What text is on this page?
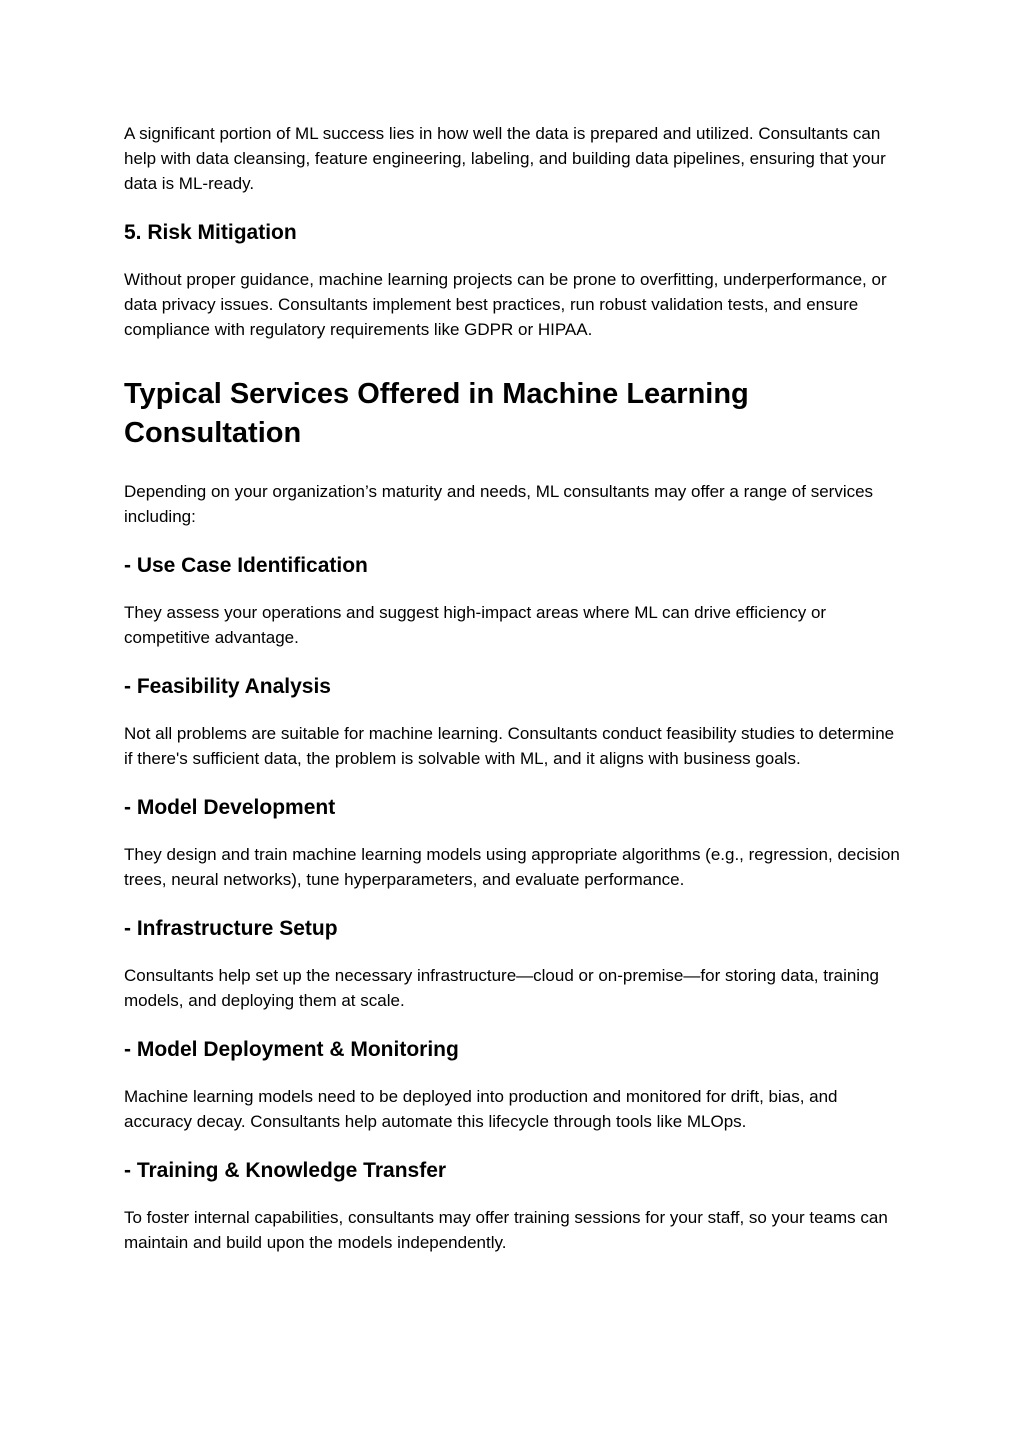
A significant portion of ML success lies in how well the data is prepared and utilized. Consultants can help with data cleansing, feature engineering, labeling, and building data pipelines, ensuring that your data is ML-ready.

5. Risk Mitigation

Without proper guidance, machine learning projects can be prone to overfitting, underperformance, or data privacy issues. Consultants implement best practices, run robust validation tests, and ensure compliance with regulatory requirements like GDPR or HIPAA.

Typical Services Offered in Machine Learning Consultation

Depending on your organization’s maturity and needs, ML consultants may offer a range of services including:

- Use Case Identification

They assess your operations and suggest high-impact areas where ML can drive efficiency or competitive advantage.

- Feasibility Analysis

Not all problems are suitable for machine learning. Consultants conduct feasibility studies to determine if there's sufficient data, the problem is solvable with ML, and it aligns with business goals.

- Model Development

They design and train machine learning models using appropriate algorithms (e.g., regression, decision trees, neural networks), tune hyperparameters, and evaluate performance.

- Infrastructure Setup

Consultants help set up the necessary infrastructure—cloud or on-premise—for storing data, training models, and deploying them at scale.

- Model Deployment & Monitoring

Machine learning models need to be deployed into production and monitored for drift, bias, and accuracy decay. Consultants help automate this lifecycle through tools like MLOps.

- Training & Knowledge Transfer

To foster internal capabilities, consultants may offer training sessions for your staff, so your teams can maintain and build upon the models independently.
